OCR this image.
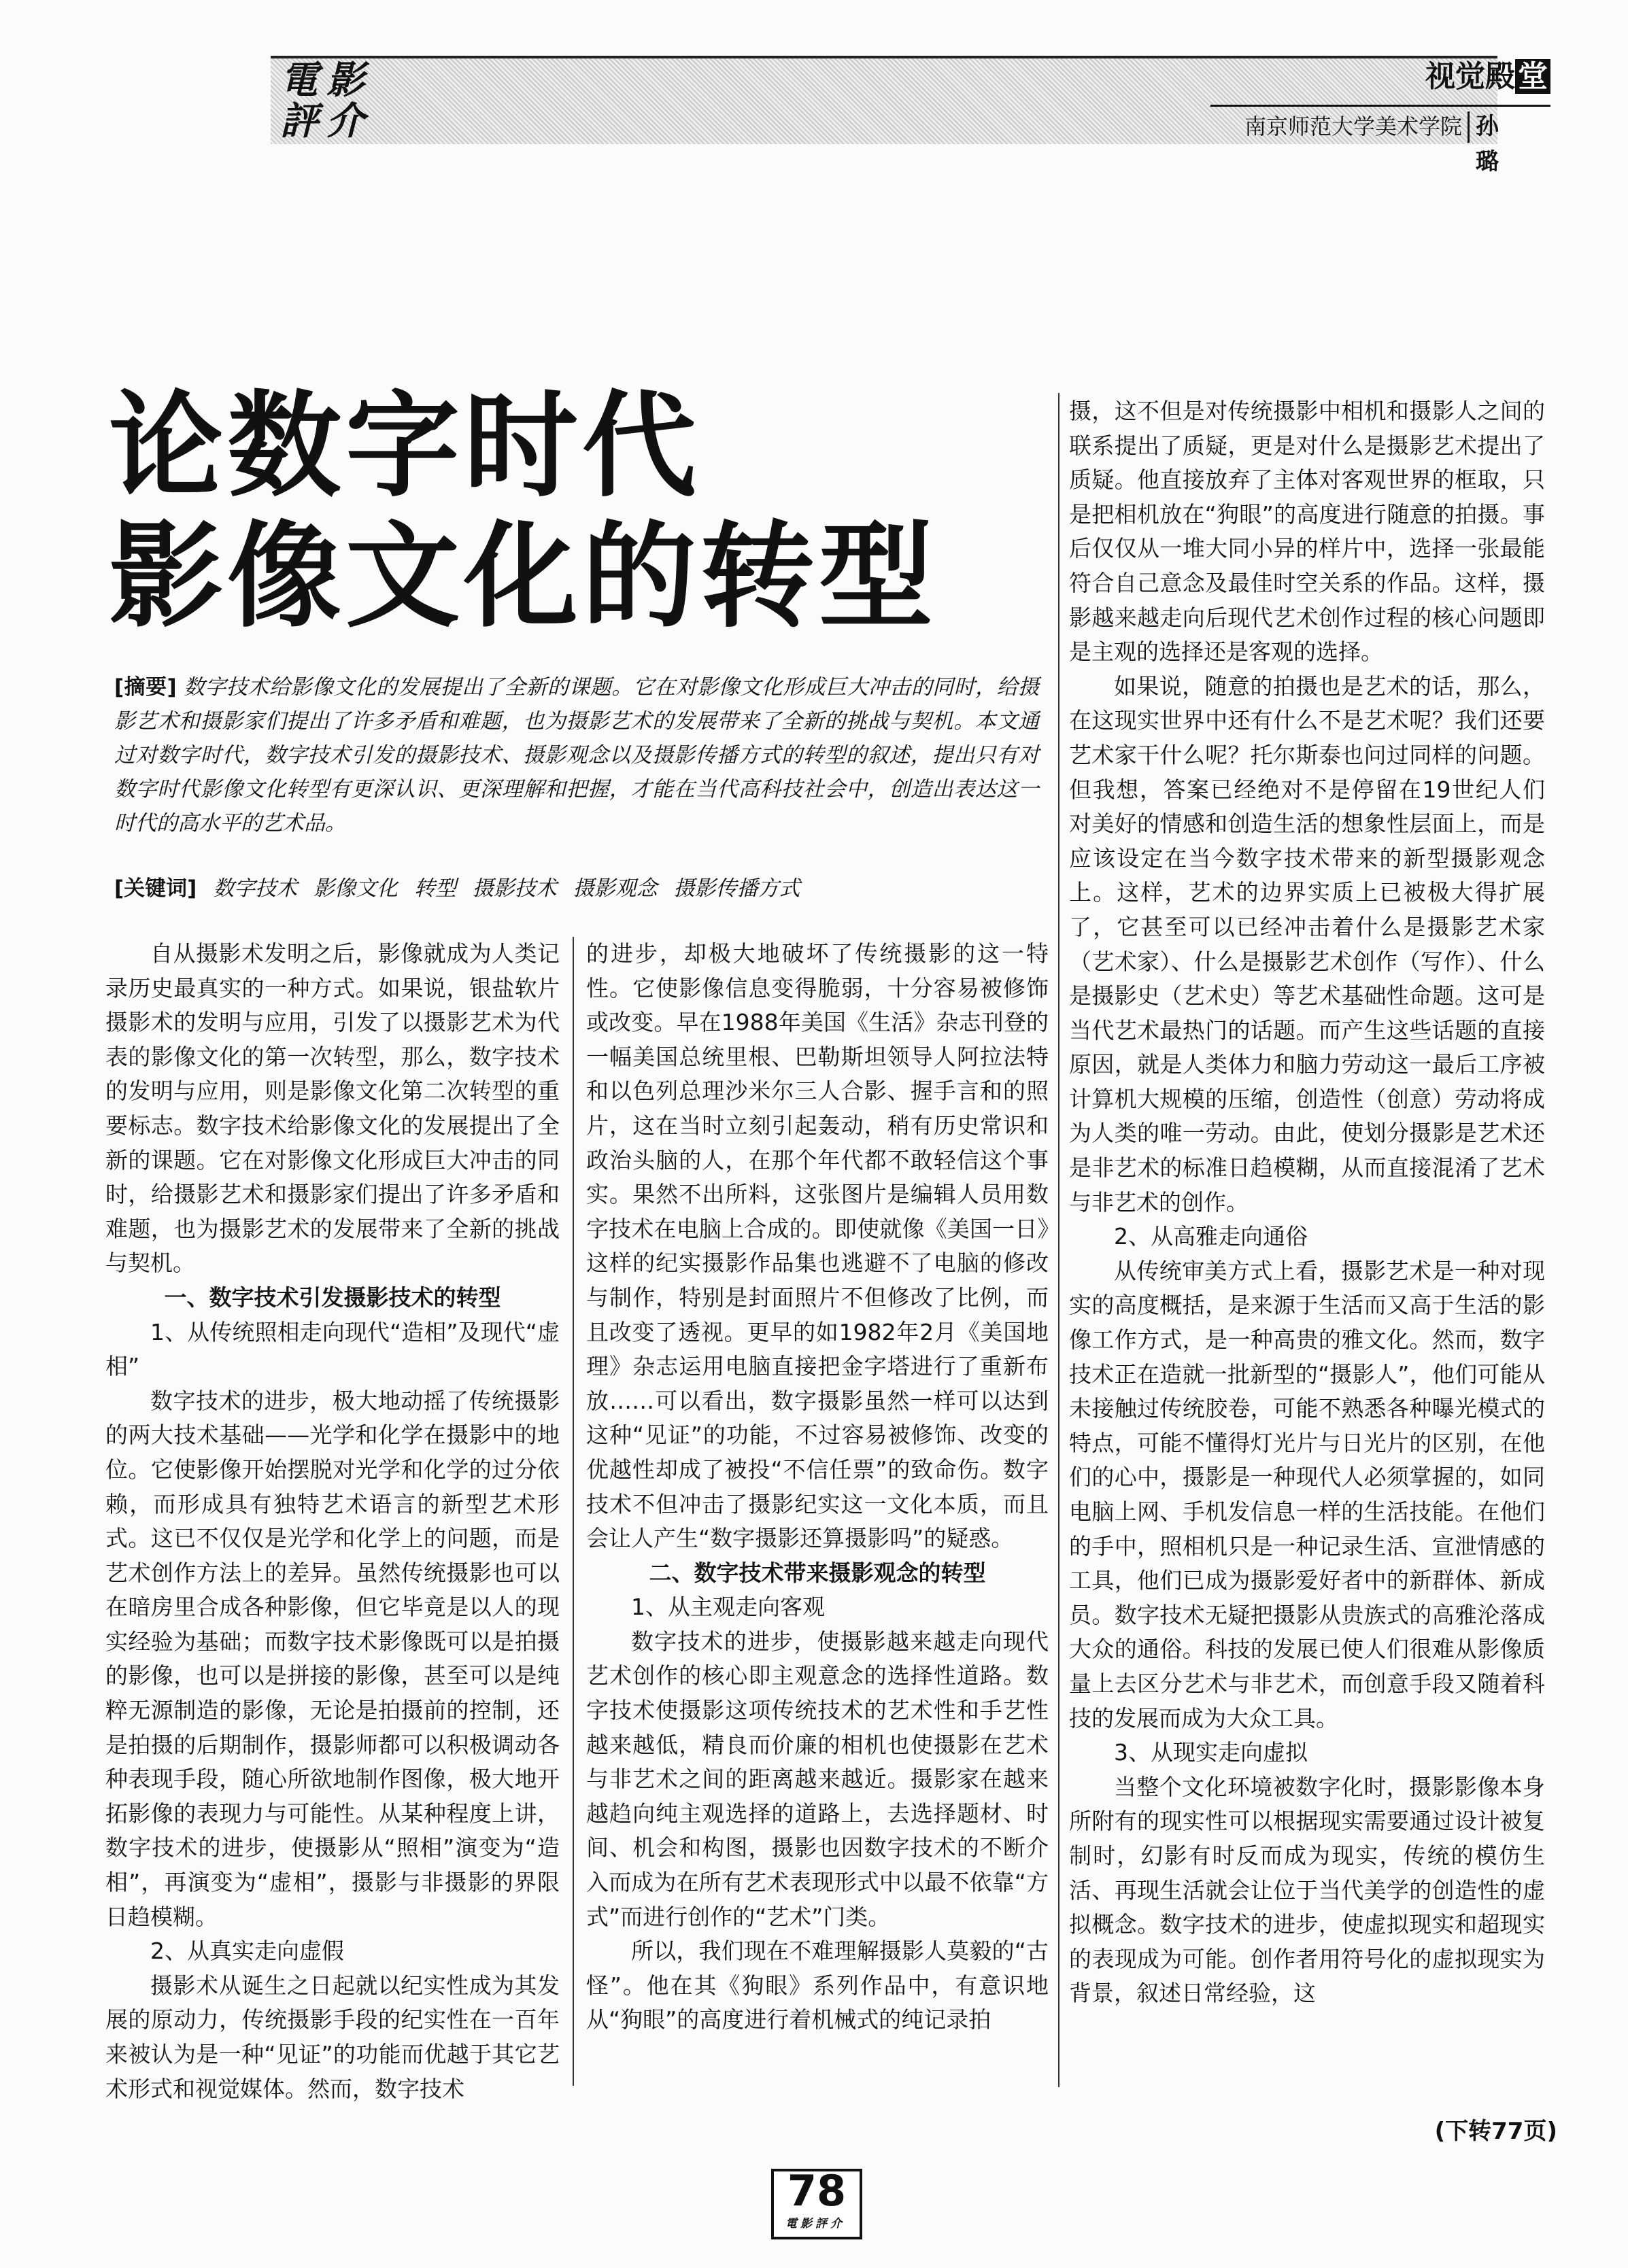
電影
評介
视觉殿堂
南京师范大学美术学院 孙 璐
论数字时代
影像文化的转型
[摘要] 数字技术给影像文化的发展提出了全新的课题。它在对影像文化形成巨大冲击的同时，给摄影艺术和摄影家们提出了许多矛盾和难题，也为摄影艺术的发展带来了全新的挑战与契机。本文通过对数字时代，数字技术引发的摄影技术、摄影观念以及摄影传播方式的转型的叙述，提出只有对数字时代影像文化转型有更深认识、更深理解和把握，才能在当代高科技社会中，创造出表达这一时代的高水平的艺术品。
[关键词] 数字技术 影像文化 转型 摄影技术 摄影观念 摄影传播方式

自从摄影术发明之后，影像就成为人类记录历史最真实的一种方式。如果说，银盐软片摄影术的发明与应用，引发了以摄影艺术为代表的影像文化的第一次转型，那么，数字技术的发明与应用，则是影像文化第二次转型的重要标志。数字技术给影像文化的发展提出了全新的课题。它在对影像文化形成巨大冲击的同时，给摄影艺术和摄影家们提出了许多矛盾和难题，也为摄影艺术的发展带来了全新的挑战与契机。

一、数字技术引发摄影技术的转型

1、从传统照相走向现代“造相”及现代“虚相”

数字技术的进步，极大地动摇了传统摄影的两大技术基础——光学和化学在摄影中的地位。它使影像开始摆脱对光学和化学的过分依赖，而形成具有独特艺术语言的新型艺术形式。这已不仅仅是光学和化学上的问题，而是艺术创作方法上的差异。虽然传统摄影也可以在暗房里合成各种影像，但它毕竟是以人的现实经验为基础；而数字技术影像既可以是拍摄的影像，也可以是拼接的影像，甚至可以是纯粹无源制造的影像，无论是拍摄前的控制，还是拍摄的后期制作，摄影师都可以积极调动各种表现手段，随心所欲地制作图像，极大地开拓影像的表现力与可能性。从某种程度上讲，数字技术的进步，使摄影从“照相”演变为“造相”，再演变为“虚相”，摄影与非摄影的界限日趋模糊。

2、从真实走向虚假

摄影术从诞生之日起就以纪实性成为其发展的原动力，传统摄影手段的纪实性在一百年来被认为是一种“见证”的功能而优越于其它艺术形式和视觉媒体。然而，数字技术

的进步，却极大地破坏了传统摄影的这一特性。它使影像信息变得脆弱，十分容易被修饰或改变。早在1988年美国《生活》杂志刊登的一幅美国总统里根、巴勒斯坦领导人阿拉法特和以色列总理沙米尔三人合影、握手言和的照片，这在当时立刻引起轰动，稍有历史常识和政治头脑的人，在那个年代都不敢轻信这个事实。果然不出所料，这张图片是编辑人员用数字技术在电脑上合成的。即使就像《美国一日》这样的纪实摄影作品集也逃避不了电脑的修改与制作，特别是封面照片不但修改了比例，而且改变了透视。更早的如1982年2月《美国地理》杂志运用电脑直接把金字塔进行了重新布放……可以看出，数字摄影虽然一样可以达到这种“见证”的功能，不过容易被修饰、改变的优越性却成了被投“不信任票”的致命伤。数字技术不但冲击了摄影纪实这一文化本质，而且会让人产生“数字摄影还算摄影吗”的疑惑。

二、数字技术带来摄影观念的转型

1、从主观走向客观

数字技术的进步，使摄影越来越走向现代艺术创作的核心即主观意念的选择性道路。数字技术使摄影这项传统技术的艺术性和手艺性越来越低，精良而价廉的相机也使摄影在艺术与非艺术之间的距离越来越近。摄影家在越来越趋向纯主观选择的道路上，去选择题材、时间、机会和构图，摄影也因数字技术的不断介入而成为在所有艺术表现形式中以最不依靠“方式”而进行创作的“艺术”门类。

所以，我们现在不难理解摄影人莫毅的“古怪”。他在其《狗眼》系列作品中，有意识地从“狗眼”的高度进行着机械式的纯记录拍

摄，这不但是对传统摄影中相机和摄影人之间的联系提出了质疑，更是对什么是摄影艺术提出了质疑。他直接放弃了主体对客观世界的框取，只是把相机放在“狗眼”的高度进行随意的拍摄。事后仅仅从一堆大同小异的样片中，选择一张最能符合自己意念及最佳时空关系的作品。这样，摄影越来越走向后现代艺术创作过程的核心问题即是主观的选择还是客观的选择。

如果说，随意的拍摄也是艺术的话，那么，在这现实世界中还有什么不是艺术呢？我们还要艺术家干什么呢？托尔斯泰也问过同样的问题。但我想，答案已经绝对不是停留在19世纪人们对美好的情感和创造生活的想象性层面上，而是应该设定在当今数字技术带来的新型摄影观念上。这样，艺术的边界实质上已被极大得扩展了，它甚至可以已经冲击着什么是摄影艺术家（艺术家）、什么是摄影艺术创作（写作）、什么是摄影史（艺术史）等艺术基础性命题。这可是当代艺术最热门的话题。而产生这些话题的直接原因，就是人类体力和脑力劳动这一最后工序被计算机大规模的压缩，创造性（创意）劳动将成为人类的唯一劳动。由此，使划分摄影是艺术还是非艺术的标准日趋模糊，从而直接混淆了艺术与非艺术的创作。

2、从高雅走向通俗

从传统审美方式上看，摄影艺术是一种对现实的高度概括，是来源于生活而又高于生活的影像工作方式，是一种高贵的雅文化。然而，数字技术正在造就一批新型的“摄影人”，他们可能从未接触过传统胶卷，可能不熟悉各种曝光模式的特点，可能不懂得灯光片与日光片的区别，在他们的心中，摄影是一种现代人必须掌握的，如同电脑上网、手机发信息一样的生活技能。在他们的手中，照相机只是一种记录生活、宣泄情感的工具，他们已成为摄影爱好者中的新群体、新成员。数字技术无疑把摄影从贵族式的高雅沦落成大众的通俗。科技的发展已使人们很难从影像质量上去区分艺术与非艺术，而创意手段又随着科技的发展而成为大众工具。

3、从现实走向虚拟

当整个文化环境被数字化时，摄影影像本身所附有的现实性可以根据现实需要通过设计被复制时，幻影有时反而成为现实，传统的模仿生活、再现生活就会让位于当代美学的创造性的虚拟概念。数字技术的进步，使虚拟现实和超现实的表现成为可能。创作者用符号化的虚拟现实为背景，叙述日常经验，这

(下转77页)
78
電影評介
